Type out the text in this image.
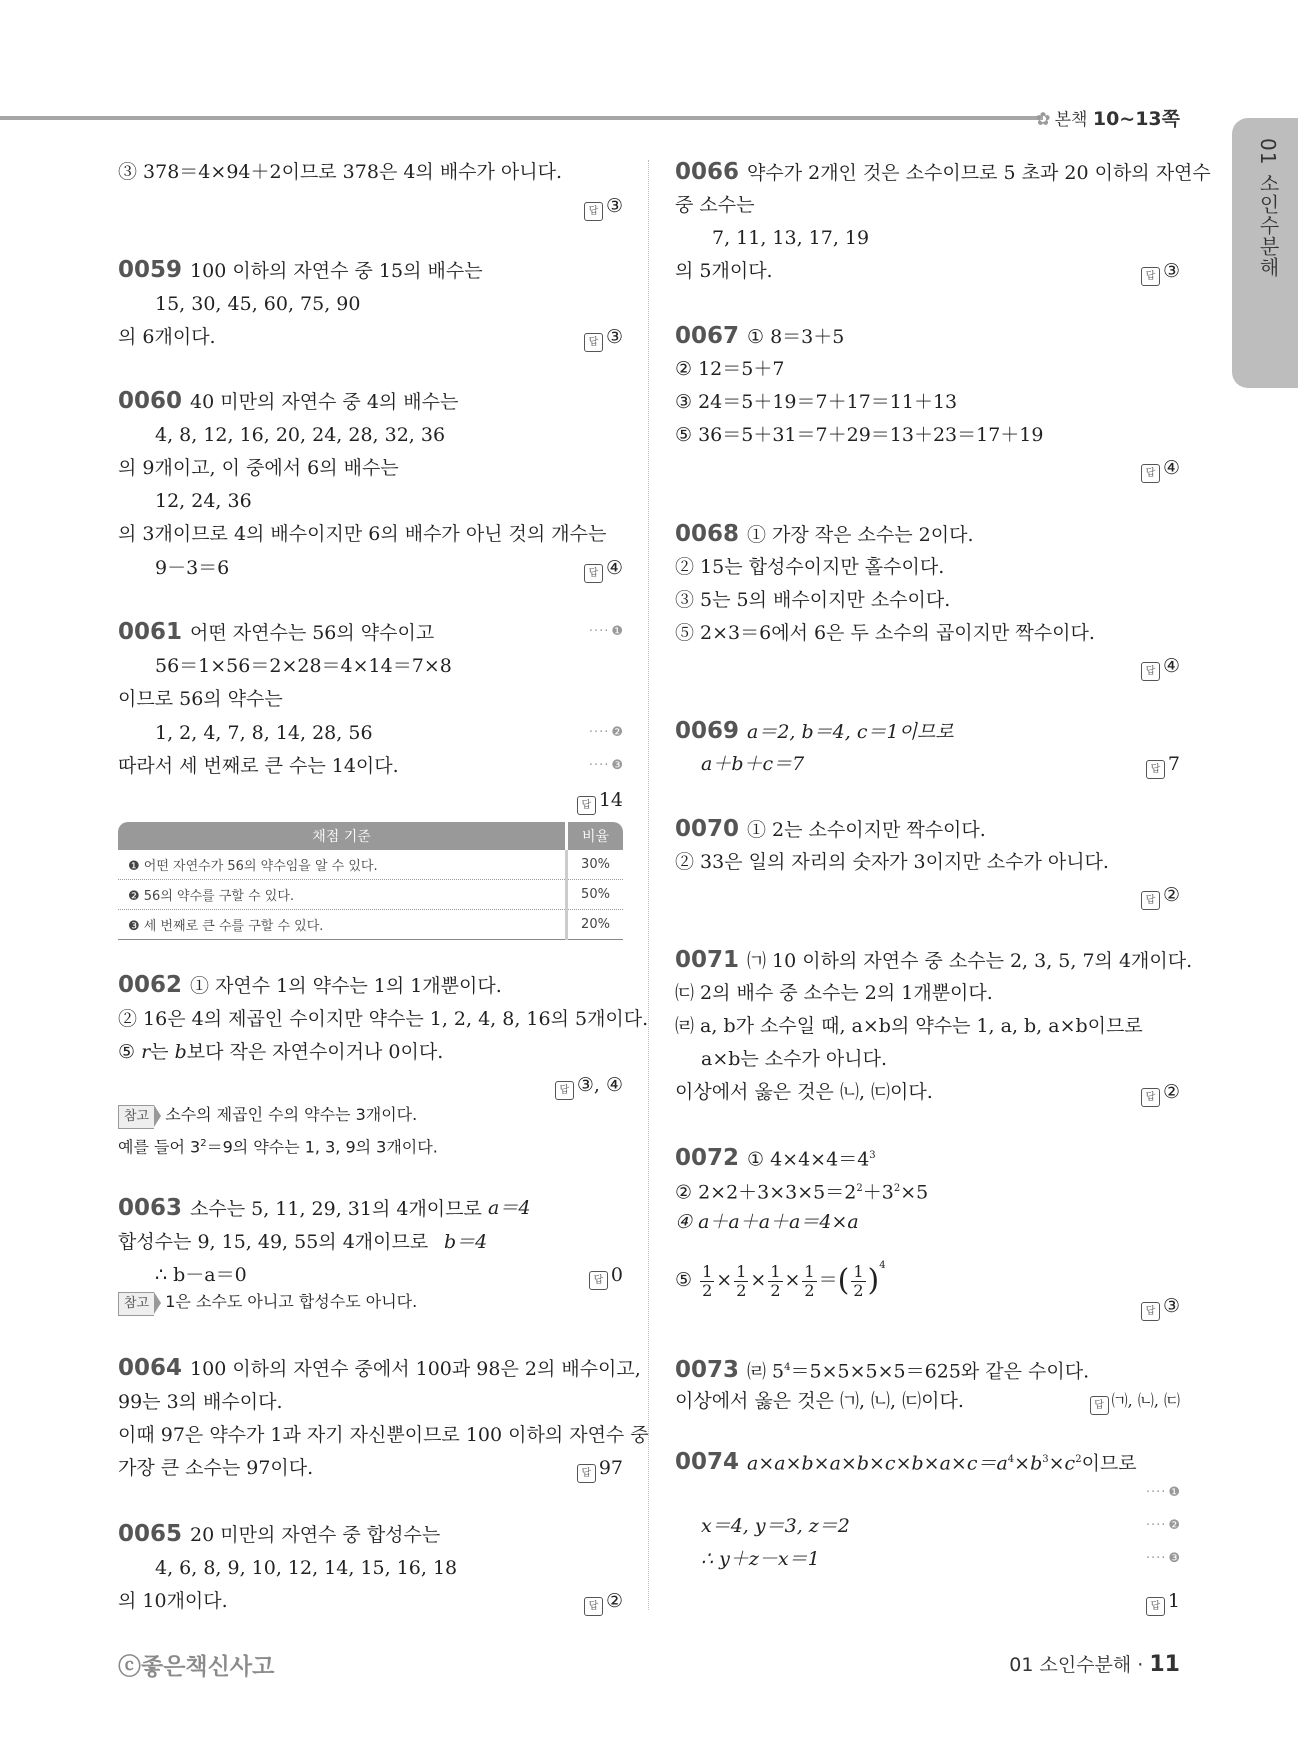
✿ 본책 10~13쪽
01 소인수분해
③ 378＝4×94＋2이므로 378은 4의 배수가 아니다.
답 ③
0059 100 이하의 자연수 중 15의 배수는
15, 30, 45, 60, 75, 90
의 6개이다.	답 ③
0060 40 미만의 자연수 중 4의 배수는
4, 8, 12, 16, 20, 24, 28, 32, 36
의 9개이고, 이 중에서 6의 배수는
12, 24, 36
의 3개이므로 4의 배수이지만 6의 배수가 아닌 것의 개수는
9－3＝6	답 ④
0061 어떤 자연수는 56의 약수이고	···· ❶
56＝1×56＝2×28＝4×14＝7×8
이므로 56의 약수는
1, 2, 4, 7, 8, 14, 28, 56	···· ❷
따라서 세 번째로 큰 수는 14이다.	···· ❸
답 14
채점 기준	비율
❶ 어떤 자연수가 56의 약수임을 알 수 있다.	30%
❷ 56의 약수를 구할 수 있다.	50%
❸ 세 번째로 큰 수를 구할 수 있다.	20%
0062 ① 자연수 1의 약수는 1의 1개뿐이다.
② 16은 4의 제곱인 수이지만 약수는 1, 2, 4, 8, 16의 5개이다.
⑤ r는 b보다 작은 자연수이거나 0이다.
답 ③, ④
참고 소수의 제곱인 수의 약수는 3개이다.
예를 들어 $3^2=9$의 약수는 1, 3, 9의 3개이다.
0063 소수는 5, 11, 29, 31의 4개이므로 a＝4
합성수는 9, 15, 49, 55의 4개이므로 b＝4
∴ b－a＝0	답 0
참고 1은 소수도 아니고 합성수도 아니다.
0064 100 이하의 자연수 중에서 100과 98은 2의 배수이고,
99는 3의 배수이다.
이때 97은 약수가 1과 자기 자신뿐이므로 100 이하의 자연수 중
가장 큰 소수는 97이다.	답 97
0065 20 미만의 자연수 중 합성수는
4, 6, 8, 9, 10, 12, 14, 15, 16, 18
의 10개이다.	답 ②
0066 약수가 2개인 것은 소수이므로 5 초과 20 이하의 자연수
중 소수는
7, 11, 13, 17, 19
의 5개이다.	답 ③
0067 ① 8＝3＋5
② 12＝5＋7
③ 24＝5＋19＝7＋17＝11＋13
⑤ 36＝5＋31＝7＋29＝13＋23＝17＋19
답 ④
0068 ① 가장 작은 소수는 2이다.
② 15는 합성수이지만 홀수이다.
③ 5는 5의 배수이지만 소수이다.
⑤ 2×3＝6에서 6은 두 소수의 곱이지만 짝수이다.
답 ④
0069 a＝2, b＝4, c＝1이므로
a＋b＋c＝7	답 7
0070 ① 2는 소수이지만 짝수이다.
② 33은 일의 자리의 숫자가 3이지만 소수가 아니다.
답 ②
0071 ㈀ 10 이하의 자연수 중 소수는 2, 3, 5, 7의 4개이다.
㈂ 2의 배수 중 소수는 2의 1개뿐이다.
㈃ a, b가 소수일 때, a×b의 약수는 1, a, b, a×b이므로
a×b는 소수가 아니다.
이상에서 옳은 것은 ㈁, ㈂이다.	답 ②
0072 ① $4\times 4\times 4=4^3$
② $2\times 2+3\times 3\times 5=2^2+3^2\times 5$
④ a＋a＋a＋a＝4×a
⑤ $\frac{1}{2} \times \frac{1}{2} \times \frac{1}{2} \times \frac{1}{2}$ ＝( $\frac{1}{2} )^4$
답 ③
0073 ㈃ $5^4=5\times 5\times 5\times 5=625$와 같은 수이다.
이상에서 옳은 것은 ㈀, ㈁, ㈂이다.	답 ㈀, ㈁, ㈂
0074 $a\times a\times b\times a\times b\times c\times b\times a\times c=a^4\times b^3\times c^2$이므로
···· ❶
x＝4, y＝3, z＝2	···· ❷
∴ y＋z－x＝1	···· ❸
답 1
ⓒ좋은책신사고	01 소인수분해 · 11
